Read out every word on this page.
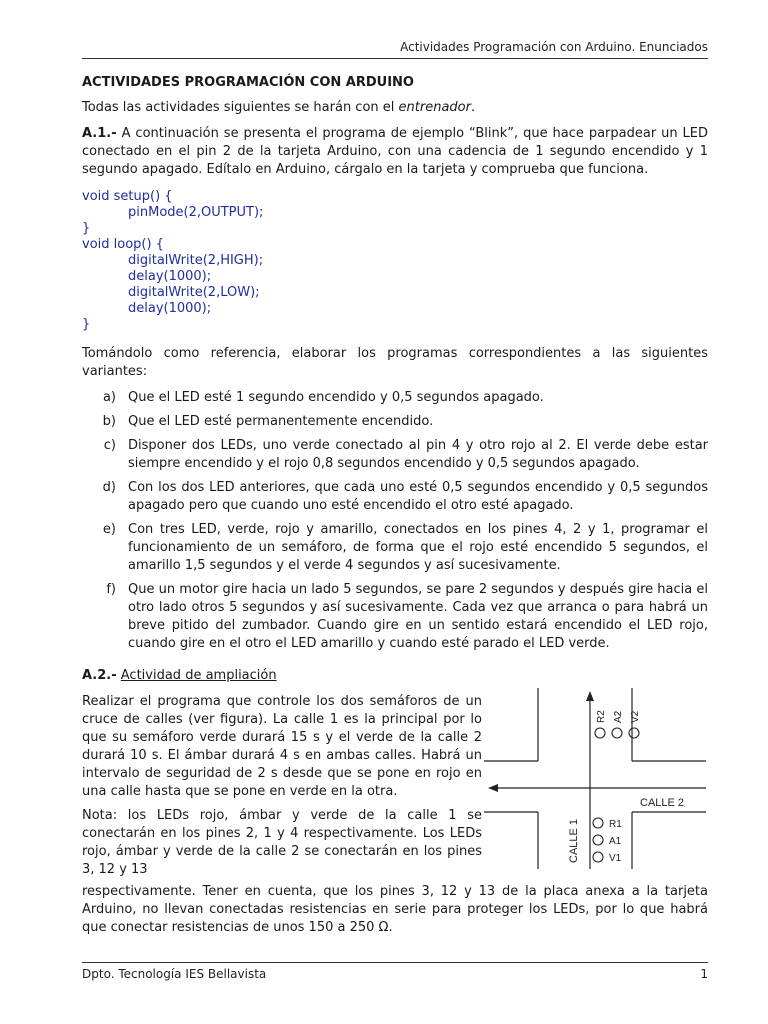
Actividades Programación con Arduino. Enunciados
ACTIVIDADES PROGRAMACIÓN CON ARDUINO

Todas las actividades siguientes se harán con el entrenador.

A.1.- A continuación se presenta el programa de ejemplo “Blink”, que hace parpadear un LED conectado en el pin 2 de la tarjeta Arduino, con una cadencia de 1 segundo encendido y 1 segundo apagado. Edítalo en Arduino, cárgalo en la tarjeta y comprueba que funciona.

void setup() {
pinMode(2,OUTPUT);
}
void loop() {
digitalWrite(2,HIGH);
delay(1000);
digitalWrite(2,LOW);
delay(1000);
}

Tomándolo como referencia, elaborar los programas correspondientes a las siguientes variantes:

a) Que el LED esté 1 segundo encendido y 0,5 segundos apagado.
b) Que el LED esté permanentemente encendido.
c) Disponer dos LEDs, uno verde conectado al pin 4 y otro rojo al 2. El verde debe estar siempre encendido y el rojo 0,8 segundos encendido y 0,5 segundos apagado.
d) Con los dos LED anteriores, que cada uno esté 0,5 segundos encendido y 0,5 segundos apagado pero que cuando uno esté encendido el otro esté apagado.
e) Con tres LED, verde, rojo y amarillo, conectados en los pines 4, 2 y 1, programar el funcionamiento de un semáforo, de forma que el rojo esté encendido 5 segundos, el amarillo 1,5 segundos y el verde 4 segundos y así sucesivamente.
f) Que un motor gire hacia un lado 5 segundos, se pare 2 segundos y después gire hacia el otro lado otros 5 segundos y así sucesivamente. Cada vez que arranca o para habrá un breve pitido del zumbador. Cuando gire en un sentido estará encendido el LED rojo, cuando gire en el otro el LED amarillo y cuando esté parado el LED verde.
A.2.- Actividad de ampliación

Realizar el programa que controle los dos semáforos de un cruce de calles (ver figura). La calle 1 es la principal por lo que su semáforo verde durará 15 s y el verde de la calle 2 durará 10 s. El ámbar durará 4 s en ambas calles. Habrá un intervalo de seguridad de 2 s desde que se pone en rojo en una calle hasta que se pone en verde en la otra.

Nota: los LEDs rojo, ámbar y verde de la calle 1 se conectarán en los pines 2, 1 y 4 respectivamente. Los LEDs rojo, ámbar y verde de la calle 2 se conectarán en los pines 3, 12 y 13

CALLE 2
CALLE 1
R2 A2 V2
R1
A1
V1

respectivamente. Tener en cuenta, que los pines 3, 12 y 13 de la placa anexa a la tarjeta Arduino, no llevan conectadas resistencias en serie para proteger los LEDs, por lo que habrá que conectar resistencias de unos 150 a 250 Ω.

Dpto. Tecnología IES Bellavista	1
